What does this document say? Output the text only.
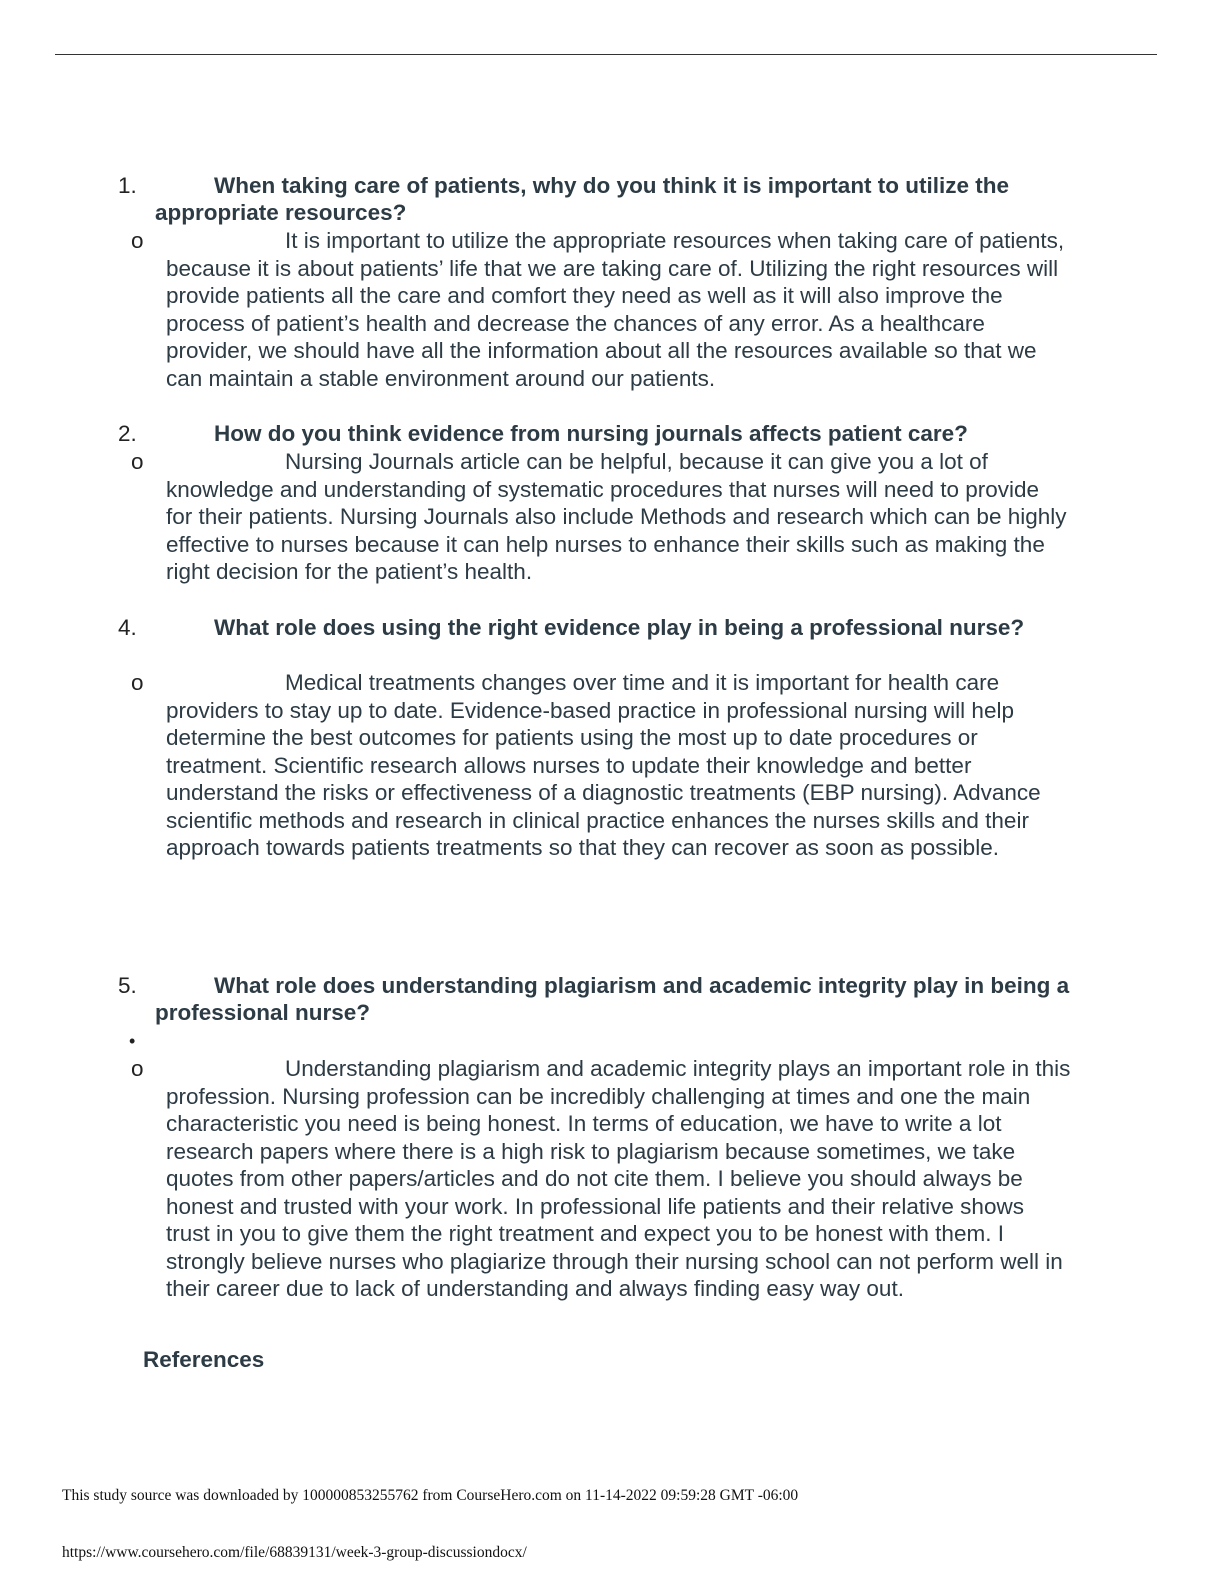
1.	When taking care of patients, why do you think it is important to utilize the appropriate resources?
o	It is important to utilize the appropriate resources when taking care of patients, because it is about patients’ life that we are taking care of. Utilizing the right resources will provide patients all the care and comfort they need as well as it will also improve the process of patient’s health and decrease the chances of any error. As a healthcare provider, we should have all the information about all the resources available so that we can maintain a stable environment around our patients.
2.	How do you think evidence from nursing journals affects patient care?
o	Nursing Journals article can be helpful, because it can give you a lot of knowledge and understanding of systematic procedures that nurses will need to provide for their patients. Nursing Journals also include Methods and research which can be highly effective to nurses because it can help nurses to enhance their skills such as making the right decision for the patient’s health.
4.	What role does using the right evidence play in being a professional nurse?
o	Medical treatments changes over time and it is important for health care providers to stay up to date. Evidence-based practice in professional nursing will help determine the best outcomes for patients using the most up to date procedures or treatment. Scientific research allows nurses to update their knowledge and better understand the risks or effectiveness of a diagnostic treatments (EBP nursing). Advance scientific methods and research in clinical practice enhances the nurses skills and their approach towards patients treatments so that they can recover as soon as possible.
5.	What role does understanding plagiarism and academic integrity play in being a professional nurse?
•
o	Understanding plagiarism and academic integrity plays an important role in this profession. Nursing profession can be incredibly challenging at times and one the main characteristic you need is being honest. In terms of education, we have to write a lot research papers where there is a high risk to plagiarism because sometimes, we take quotes from other papers/articles and do not cite them. I believe you should always be honest and trusted with your work. In professional life patients and their relative shows trust in you to give them the right treatment and expect you to be honest with them. I strongly believe nurses who plagiarize through their nursing school can not perform well in their career due to lack of understanding and always finding easy way out.
References
This study source was downloaded by 100000853255762 from CourseHero.com on 11-14-2022 09:59:28 GMT -06:00
https://www.coursehero.com/file/68839131/week-3-group-discussiondocx/
